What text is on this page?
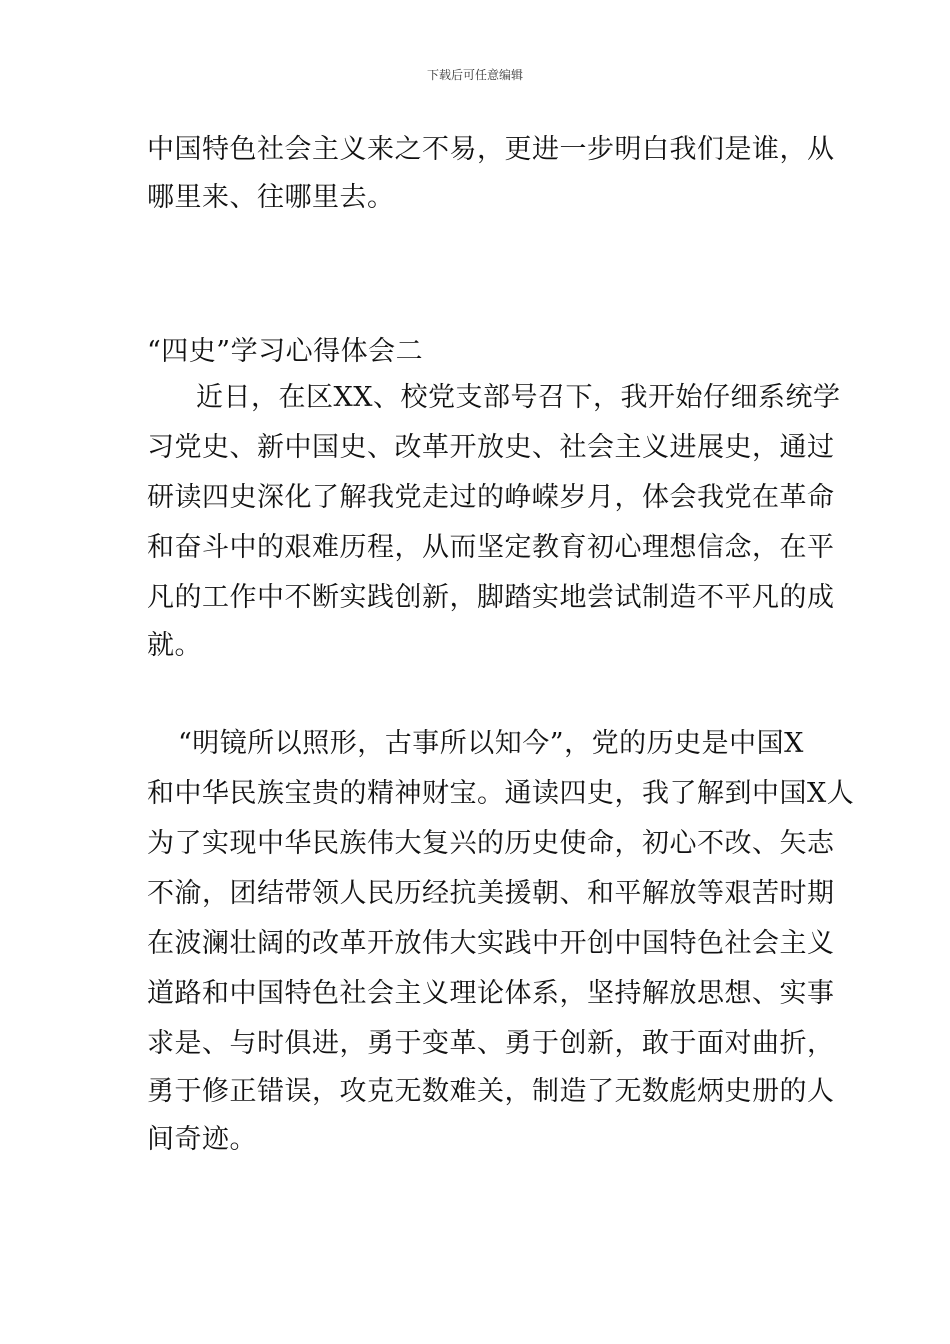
下载后可任意编辑
中国特色社会主义来之不易，更进一步明白我们是谁，从
哪里来、往哪里去。
“四史”学习心得体会二
近日，在区XX、校党支部号召下，我开始仔细系统学
习党史、新中国史、改革开放史、社会主义进展史，通过
研读四史深化了解我党走过的峥嵘岁月，体会我党在革命
和奋斗中的艰难历程，从而坚定教育初心理想信念，在平
凡的工作中不断实践创新，脚踏实地尝试制造不平凡的成
就。
“明镜所以照形，古事所以知今”，党的历史是中国X
和中华民族宝贵的精神财宝。通读四史，我了解到中国X人
为了实现中华民族伟大复兴的历史使命，初心不改、矢志
不渝，团结带领人民历经抗美援朝、和平解放等艰苦时期
在波澜壮阔的改革开放伟大实践中开创中国特色社会主义
道路和中国特色社会主义理论体系，坚持解放思想、实事
求是、与时俱进，勇于变革、勇于创新，敢于面对曲折，
勇于修正错误，攻克无数难关，制造了无数彪炳史册的人
间奇迹。
